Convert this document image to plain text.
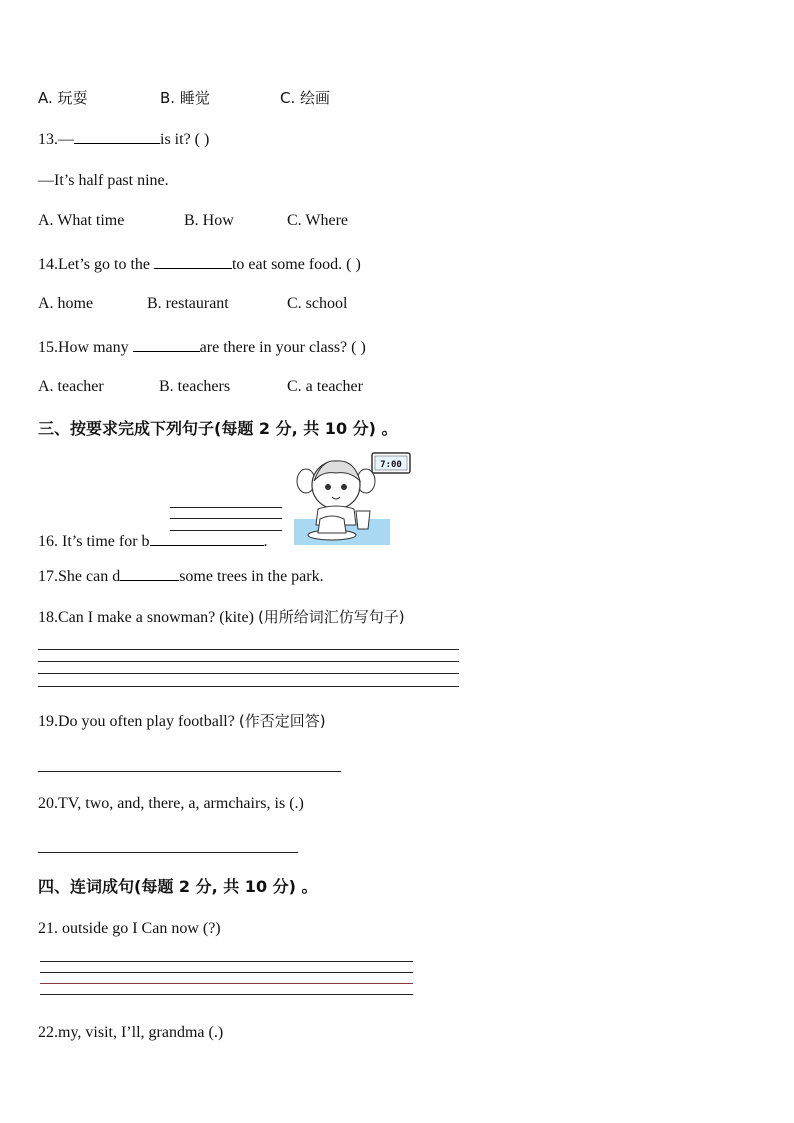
A. 玩耍	B. 睡觉	C. 绘画
13.—	is it? ( )
—It’s half past nine.
A. What time	B. How	C. Where
14.Let’s go to the	to eat some food. ( )
A. home	B. restaurant	C. school
15.How many	are there in your class? ( )
A. teacher	B. teachers	C. a teacher
三、按要求完成下列句子(每题 2 分, 共 10 分) 。
16. It’s time for b	.
7:00
17.She can d	some trees in the park.
18.Can I make a snowman? (kite) (用所给词汇仿写句子)
19.Do you often play football? (作否定回答)
20.TV, two, and, there, a, armchairs, is (.)
四、连词成句(每题 2 分, 共 10 分) 。
21. outside go I Can now (?)
22.my, visit, I’ll, grandma (.)
